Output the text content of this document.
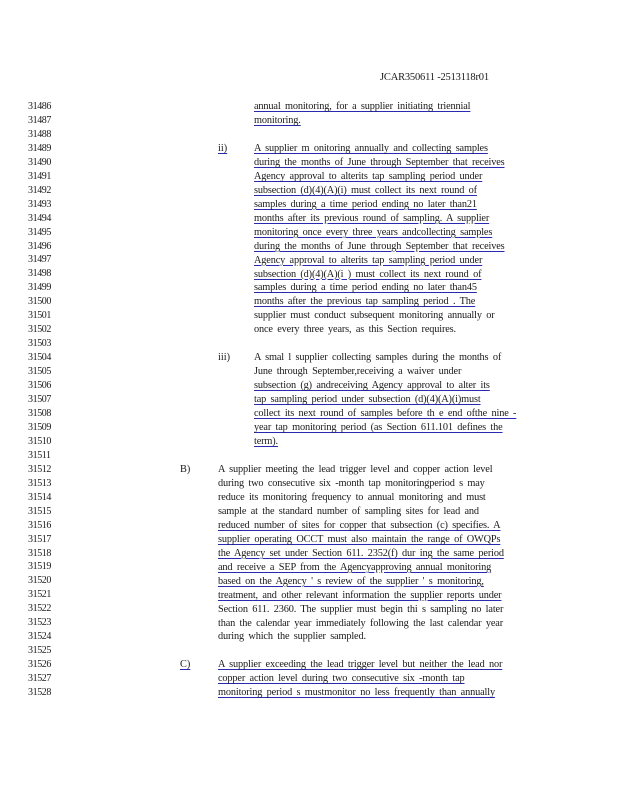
JCAR350611 -2513118r01
31486
31487
31488
31489
31490
31491
31492
31493
31494
31495
31496
31497
31498
31499
31500
31501
31502
31503
31504
31505
31506
31507
31508
31509
31510
31511
31512
31513
31514
31515
31516
31517
31518
31519
31520
31521
31522
31523
31524
31525
31526
31527
31528
annual monitoring, for a supplier initiating triennial
monitoring.
ii)	A supplier m onitoring annually and collecting samples
during the months of June through September that receives
Agency approval to alterits tap sampling period under
subsection (d)(4)(A)(i) must collect its next round of
samples during a time period ending no later than21
months after its previous round of sampling. A supplier
monitoring once every three years andcollecting samples
during the months of June through September that receives
Agency approval to alterits tap sampling period under
subsection (d)(4)(A)(i ) must collect its next round of
samples during a time period ending no later than45
months after the previous tap sampling period . The
supplier must conduct subsequent monitoring annually or
once every three years, as this Section requires.
iii) A smal l supplier collecting samples during the months of
June through September,receiving a waiver under
subsection (g) andreceiving Agency approval to alter its
tap sampling period under subsection (d)(4)(A)(i)must
collect its next round of samples before th e end ofthe nine -
year tap monitoring period (as Section 611.101 defines the
term).
B)	A supplier meeting the lead trigger level and copper action level
during two consecutive six -month tap monitoringperiod s may
reduce its monitoring frequency to annual monitoring and must
sample at the standard number of sampling sites for lead and
reduced number of sites for copper that subsection (c) specifies. A
supplier operating OCCT must also maintain the range of OWQPs
the Agency set under Section 611. 2352(f) dur ing the same period
and receive a SEP from the Agencyapproving annual monitoring
based on the Agency ' s review of the supplier ' s monitoring,
treatment, and other relevant information the supplier reports under
Section 611. 2360. The supplier must begin thi s sampling no later
than the calendar year immediately following the last calendar year
during which the supplier sampled.
C)	A supplier exceeding the lead trigger level but neither the lead nor
copper action level during two consecutive six -month tap
monitoring period s mustmonitor no less frequently than annually
